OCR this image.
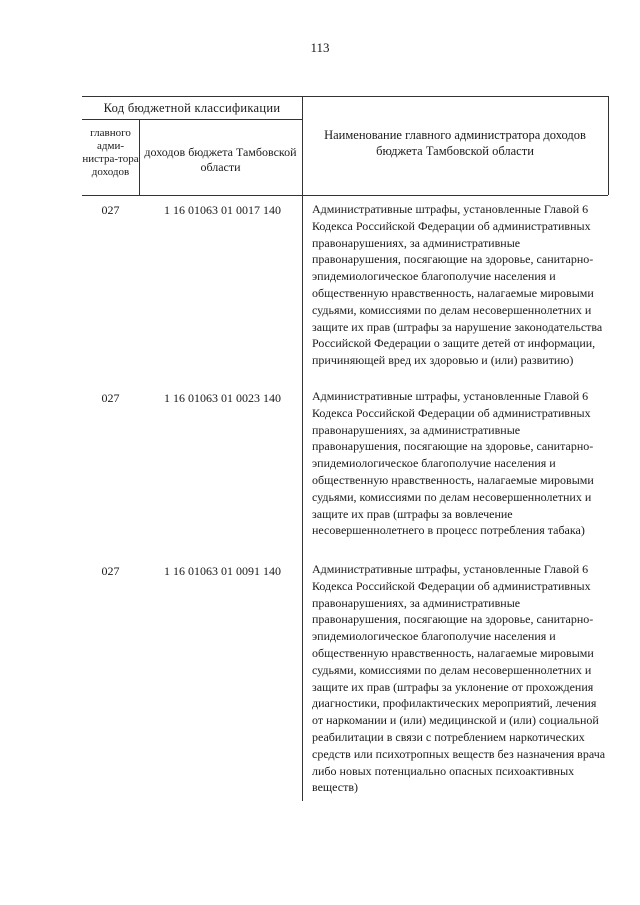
113
Код бюджетной классификации
главного адми-нистра-тора доходов
доходов бюджета Тамбовской области
Наименование главного администратора доходов бюджета Тамбовской области
027	1 16 01063 01 0017 140	Административные штрафы, установленные Главой 6 Кодекса Российской Федерации об административных правонарушениях, за административные правонарушения, посягающие на здоровье, санитарно-эпидемиологическое благополучие населения и общественную нравственность, налагаемые мировыми судьями, комиссиями по делам несовершеннолетних и защите их прав (штрафы за нарушение законодательства Российской Федерации о защите детей от информации, причиняющей вред их здоровью и (или) развитию)
027	1 16 01063 01 0023 140	Административные штрафы, установленные Главой 6 Кодекса Российской Федерации об административных правонарушениях, за административные правонарушения, посягающие на здоровье, санитарно-эпидемиологическое благополучие населения и общественную нравственность, налагаемые мировыми судьями, комиссиями по делам несовершеннолетних и защите их прав (штрафы за вовлечение несовершеннолетнего в процесс потребления табака)
027	1 16 01063 01 0091 140	Административные штрафы, установленные Главой 6 Кодекса Российской Федерации об административных правонарушениях, за административные правонарушения, посягающие на здоровье, санитарно-эпидемиологическое благополучие населения и общественную нравственность, налагаемые мировыми судьями, комиссиями по делам несовершеннолетних и защите их прав (штрафы за уклонение от прохождения диагностики, профилактических мероприятий, лечения от наркомании и (или) медицинской и (или) социальной реабилитации в связи с потреблением наркотических средств или психотропных веществ без назначения врача либо новых потенциально опасных психоактивных веществ)
